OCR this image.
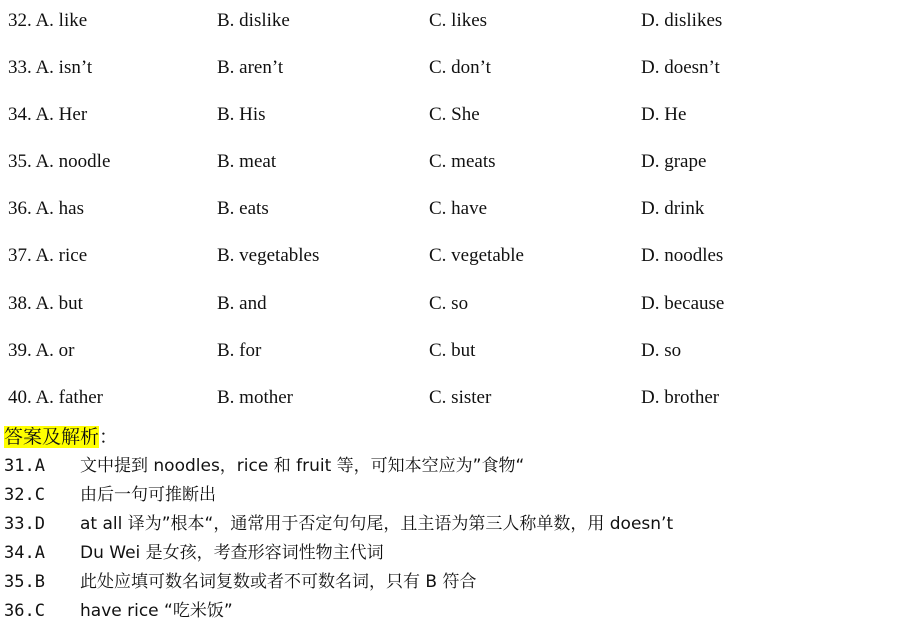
32. A. like	B. dislike	C. likes	D. dislikes
33. A. isn’t	B. aren’t	C. don’t	D. doesn’t
34. A. Her	B. His	C. She	D. He
35. A. noodle	B. meat	C. meats	D. grape
36. A. has	B. eats	C. have	D. drink
37. A. rice	B. vegetables	C. vegetable	D. noodles
38. A. but	B. and	C. so	D. because
39. A. or	B. for	C. but	D. so
40. A. father	B. mother	C. sister	D. brother
答案及解析：
31.A 文中提到 noodles，rice 和 fruit 等，可知本空应为”食物“
32.C 由后一句可推断出
33.D at all 译为”根本“，通常用于否定句句尾，且主语为第三人称单数，用 doesn’t
34.A Du Wei 是女孩，考查形容词性物主代词
35.B 此处应填可数名词复数或者不可数名词，只有 B 符合
36.C have rice “吃米饭”
